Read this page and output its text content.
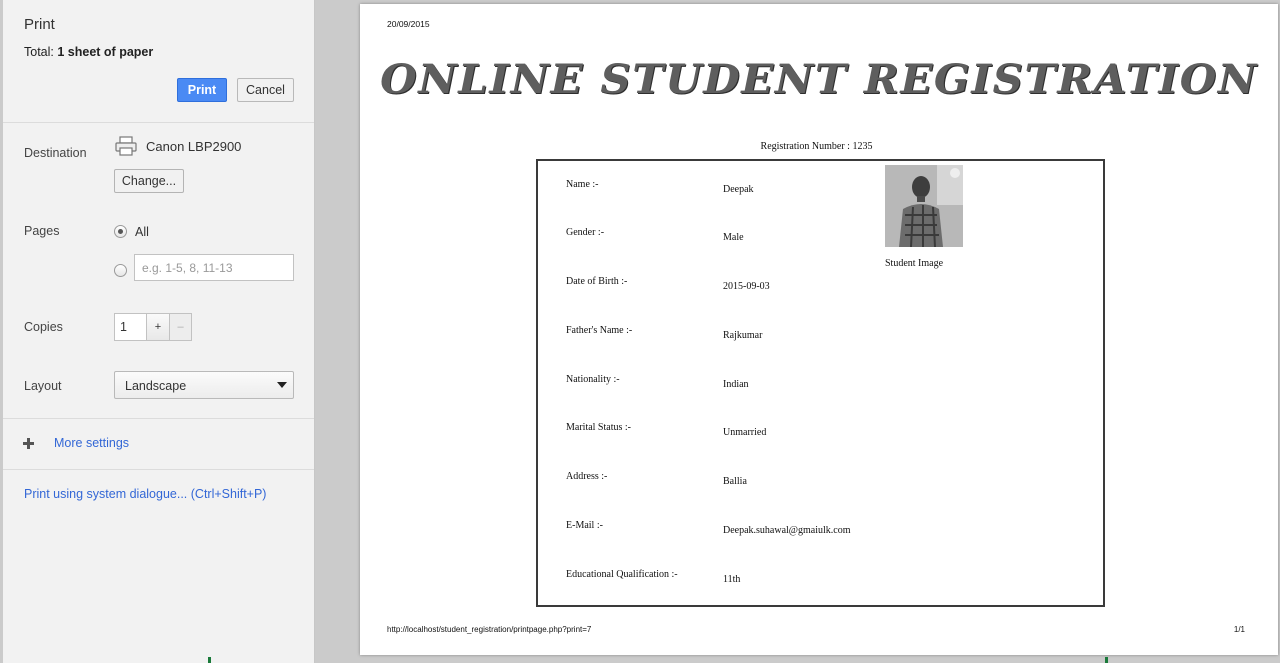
Print
Total: 1 sheet of paper
Print	Cancel
Destination	Canon LBP2900
Change...
Pages	All
e.g. 1-5, 8, 11-13
Copies	1	+	–
Layout	Landscape
More settings
Print using system dialogue... (Ctrl+Shift+P)
20/09/2015
ONLINE STUDENT REGISTRATION
Registration Number : 1235
Name :-	Deepak
Gender :-	Male
Date of Birth :-	2015-09-03
Father's Name :-	Rajkumar
Nationality :-	Indian
Marital Status :-	Unmarried
Address :-	Ballia
E-Mail :-	Deepak.suhawal@gmaiulk.com
Educational Qualification :-	11th
Student Image
http://localhost/student_registration/printpage.php?print=7	1/1
